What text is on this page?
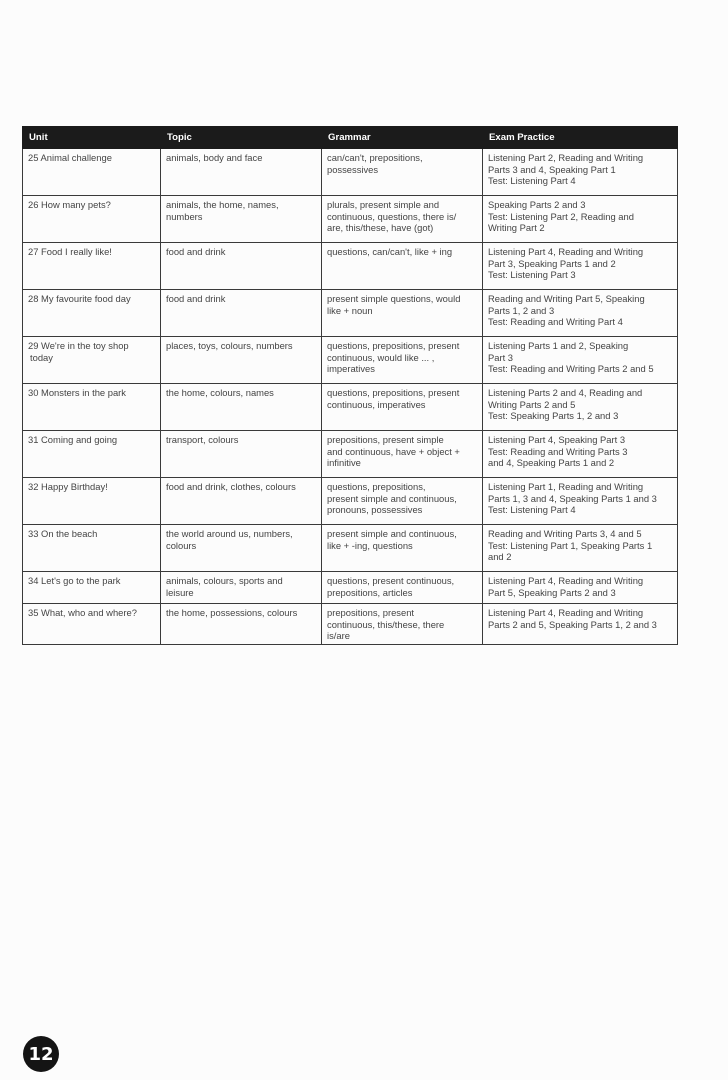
Unit	Topic	Grammar	Exam Practice

25 Animal challenge	animals, body and face	can/can't, prepositions,
possessives	Listening Part 2, Reading and Writing
Parts 3 and 4, Speaking Part 1
Test: Listening Part 4

26 How many pets?	animals, the home, names,
numbers	plurals, present simple and
continuous, questions, there is/
are, this/these, have (got)	Speaking Parts 2 and 3
Test: Listening Part 2, Reading and
Writing Part 2

27 Food I really like!	food and drink	questions, can/can't, like + ing	Listening Part 4, Reading and Writing
Part 3, Speaking Parts 1 and 2
Test: Listening Part 3

28 My favourite food day	food and drink	present simple questions, would
like + noun	Reading and Writing Part 5, Speaking
Parts 1, 2 and 3
Test: Reading and Writing Part 4

29 We're in the toy shop
today	places, toys, colours, numbers	questions, prepositions, present
continuous, would like ... ,
imperatives	Listening Parts 1 and 2, Speaking
Part 3
Test: Reading and Writing Parts 2 and 5

30 Monsters in the park	the home, colours, names	questions, prepositions, present
continuous, imperatives	Listening Parts 2 and 4, Reading and
Writing Parts 2 and 5
Test: Speaking Parts 1, 2 and 3

31 Coming and going	transport, colours	prepositions, present simple
and continuous, have + object +
infinitive	Listening Part 4, Speaking Part 3
Test: Reading and Writing Parts 3
and 4, Speaking Parts 1 and 2

32 Happy Birthday!	food and drink, clothes, colours	questions, prepositions,
present simple and continuous,
pronouns, possessives	Listening Part 1, Reading and Writing
Parts 1, 3 and 4, Speaking Parts 1 and 3
Test: Listening Part 4

33 On the beach	the world around us, numbers,
colours	present simple and continuous,
like + -ing, questions	Reading and Writing Parts 3, 4 and 5
Test: Listening Part 1, Speaking Parts 1
and 2

34 Let's go to the park	animals, colours, sports and
leisure	questions, present continuous,
prepositions, articles	Listening Part 4, Reading and Writing
Part 5, Speaking Parts 2 and 3

35 What, who and where?	the home, possessions, colours	prepositions, present
continuous, this/these, there
is/are	Listening Part 4, Reading and Writing
Parts 2 and 5, Speaking Parts 1, 2 and 3
12
